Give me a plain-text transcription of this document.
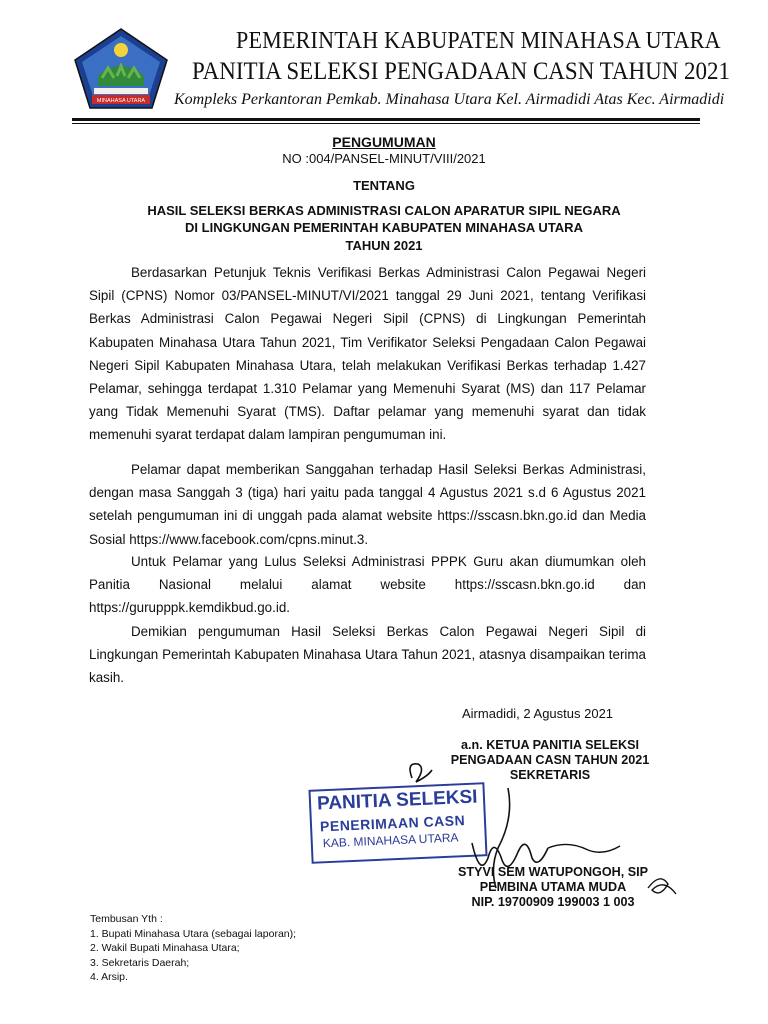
MINAHASA UTARA
PEMERINTAH KABUPATEN MINAHASA UTARA
PANITIA SELEKSI PENGADAAN CASN TAHUN 2021
Kompleks Perkantoran Pemkab. Minahasa Utara Kel. Airmadidi Atas Kec. Airmadidi
PENGUMUMAN
NO :004/PANSEL-MINUT/VIII/2021
TENTANG
HASIL SELEKSI BERKAS ADMINISTRASI CALON APARATUR SIPIL NEGARA
DI LINGKUNGAN PEMERINTAH KABUPATEN MINAHASA UTARA
TAHUN 2021

Berdasarkan Petunjuk Teknis Verifikasi Berkas Administrasi Calon Pegawai Negeri Sipil (CPNS) Nomor 03/PANSEL-MINUT/VI/2021 tanggal 29 Juni 2021, tentang Verifikasi Berkas Administrasi Calon Pegawai Negeri Sipil (CPNS) di Lingkungan Pemerintah Kabupaten Minahasa Utara Tahun 2021, Tim Verifikator Seleksi Pengadaan Calon Pegawai Negeri Sipil Kabupaten Minahasa Utara, telah melakukan Verifikasi Berkas terhadap 1.427 Pelamar, sehingga terdapat 1.310 Pelamar yang Memenuhi Syarat (MS) dan 117 Pelamar yang Tidak Memenuhi Syarat (TMS). Daftar pelamar yang memenuhi syarat dan tidak memenuhi syarat terdapat dalam lampiran pengumuman ini.

Pelamar dapat memberikan Sanggahan terhadap Hasil Seleksi Berkas Administrasi, dengan masa Sanggah 3 (tiga) hari yaitu pada tanggal 4 Agustus 2021 s.d 6 Agustus 2021 setelah pengumuman ini di unggah pada alamat website https://sscasn.bkn.go.id dan Media Sosial https://www.facebook.com/cpns.minut.3.

Untuk Pelamar yang Lulus Seleksi Administrasi PPPK Guru akan diumumkan oleh Panitia Nasional melalui alamat website https://sscasn.bkn.go.id dan https://gurupppk.kemdikbud.go.id.

Demikian pengumuman Hasil Seleksi Berkas Calon Pegawai Negeri Sipil di Lingkungan Pemerintah Kabupaten Minahasa Utara Tahun 2021, atasnya disampaikan terima kasih.

Airmadidi, 2 Agustus 2021
a.n. KETUA PANITIA SELEKSI
PENGADAAN CASN TAHUN 2021
SEKRETARIS
PANITIA SELEKSI
PENERIMAAN CASN
KAB. MINAHASA UTARA
STYVI SEM WATUPONGOH, SIP
PEMBINA UTAMA MUDA
NIP. 19700909 199003 1 003
Tembusan Yth :
1. Bupati Minahasa Utara (sebagai laporan);
2. Wakil Bupati Minahasa Utara;
3. Sekretaris Daerah;
4. Arsip.
